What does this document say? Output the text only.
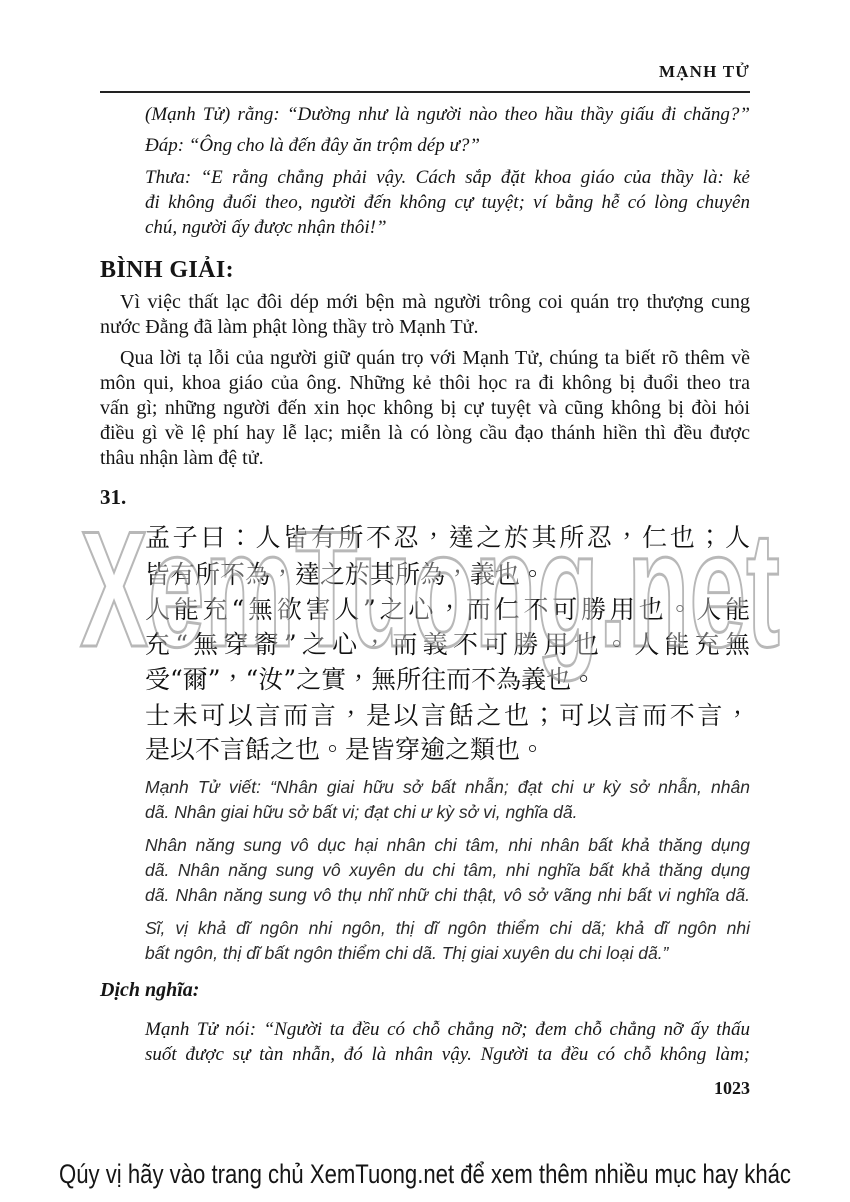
MẠNH TỬ
(Mạnh Tử) rằng: “Dường như là người nào theo hầu thầy giấu đi chăng?”
Đáp: “Ông cho là đến đây ăn trộm dép ư?”
Thưa: “E rằng chẳng phải vậy. Cách sắp đặt khoa giáo của thầy là: kẻ
đi không đuổi theo, người đến không cự tuyệt; ví bằng hễ có lòng chuyên
chú, người ấy được nhận thôi!”
BÌNH GIẢI:
Vì việc thất lạc đôi dép mới bện mà người trông coi quán trọ thượng cung
nước Đằng đã làm phật lòng thầy trò Mạnh Tử.
Qua lời tạ lỗi của người giữ quán trọ với Mạnh Tử, chúng ta biết rõ thêm về
môn qui, khoa giáo của ông. Những kẻ thôi học ra đi không bị đuổi theo tra
vấn gì; những người đến xin học không bị cự tuyệt và cũng không bị đòi hỏi
điều gì về lệ phí hay lễ lạc; miễn là có lòng cầu đạo thánh hiền thì đều được
thâu nhận làm đệ tử.
31.
孟子曰：人皆有所不忍，達之於其所忍，仁也；人
皆有所不為，達之於其所為，義也。
人能充“無欲害人”之心，而仁不可勝用也。人能
充“無穿窬”之心，而義不可勝用也。人能充無
受“爾”，“汝”之實，無所往而不為義也。
士未可以言而言，是以言餂之也；可以言而不言，
是以不言餂之也。是皆穿逾之類也。
Mạnh Tử viết: “Nhân giai hữu sở bất nhẫn; đạt chi ư kỳ sở nhẫn, nhân
dã. Nhân giai hữu sở bất vi; đạt chi ư kỳ sở vi, nghĩa dã.
Nhân năng sung vô dục hại nhân chi tâm, nhi nhân bất khả thăng dụng
dã. Nhân năng sung vô xuyên du chi tâm, nhi nghĩa bất khả thăng dụng
dã. Nhân năng sung vô thụ nhĩ nhữ chi thật, vô sở vãng nhi bất vi nghĩa dã.
Sĩ, vị khả dĩ ngôn nhi ngôn, thị dĩ ngôn thiểm chi dã; khả dĩ ngôn nhi
bất ngôn, thị dĩ bất ngôn thiểm chi dã. Thị giai xuyên du chi loại dã.”
Dịch nghĩa:
Mạnh Tử nói: “Người ta đều có chỗ chẳng nỡ; đem chỗ chẳng nỡ ấy thấu
suốt được sự tàn nhẫn, đó là nhân vậy. Người ta đều có chỗ không làm;
1023
XemTuong.net
Qúy vị hãy vào trang chủ XemTuong.net để xem thêm nhiều mục hay khác
